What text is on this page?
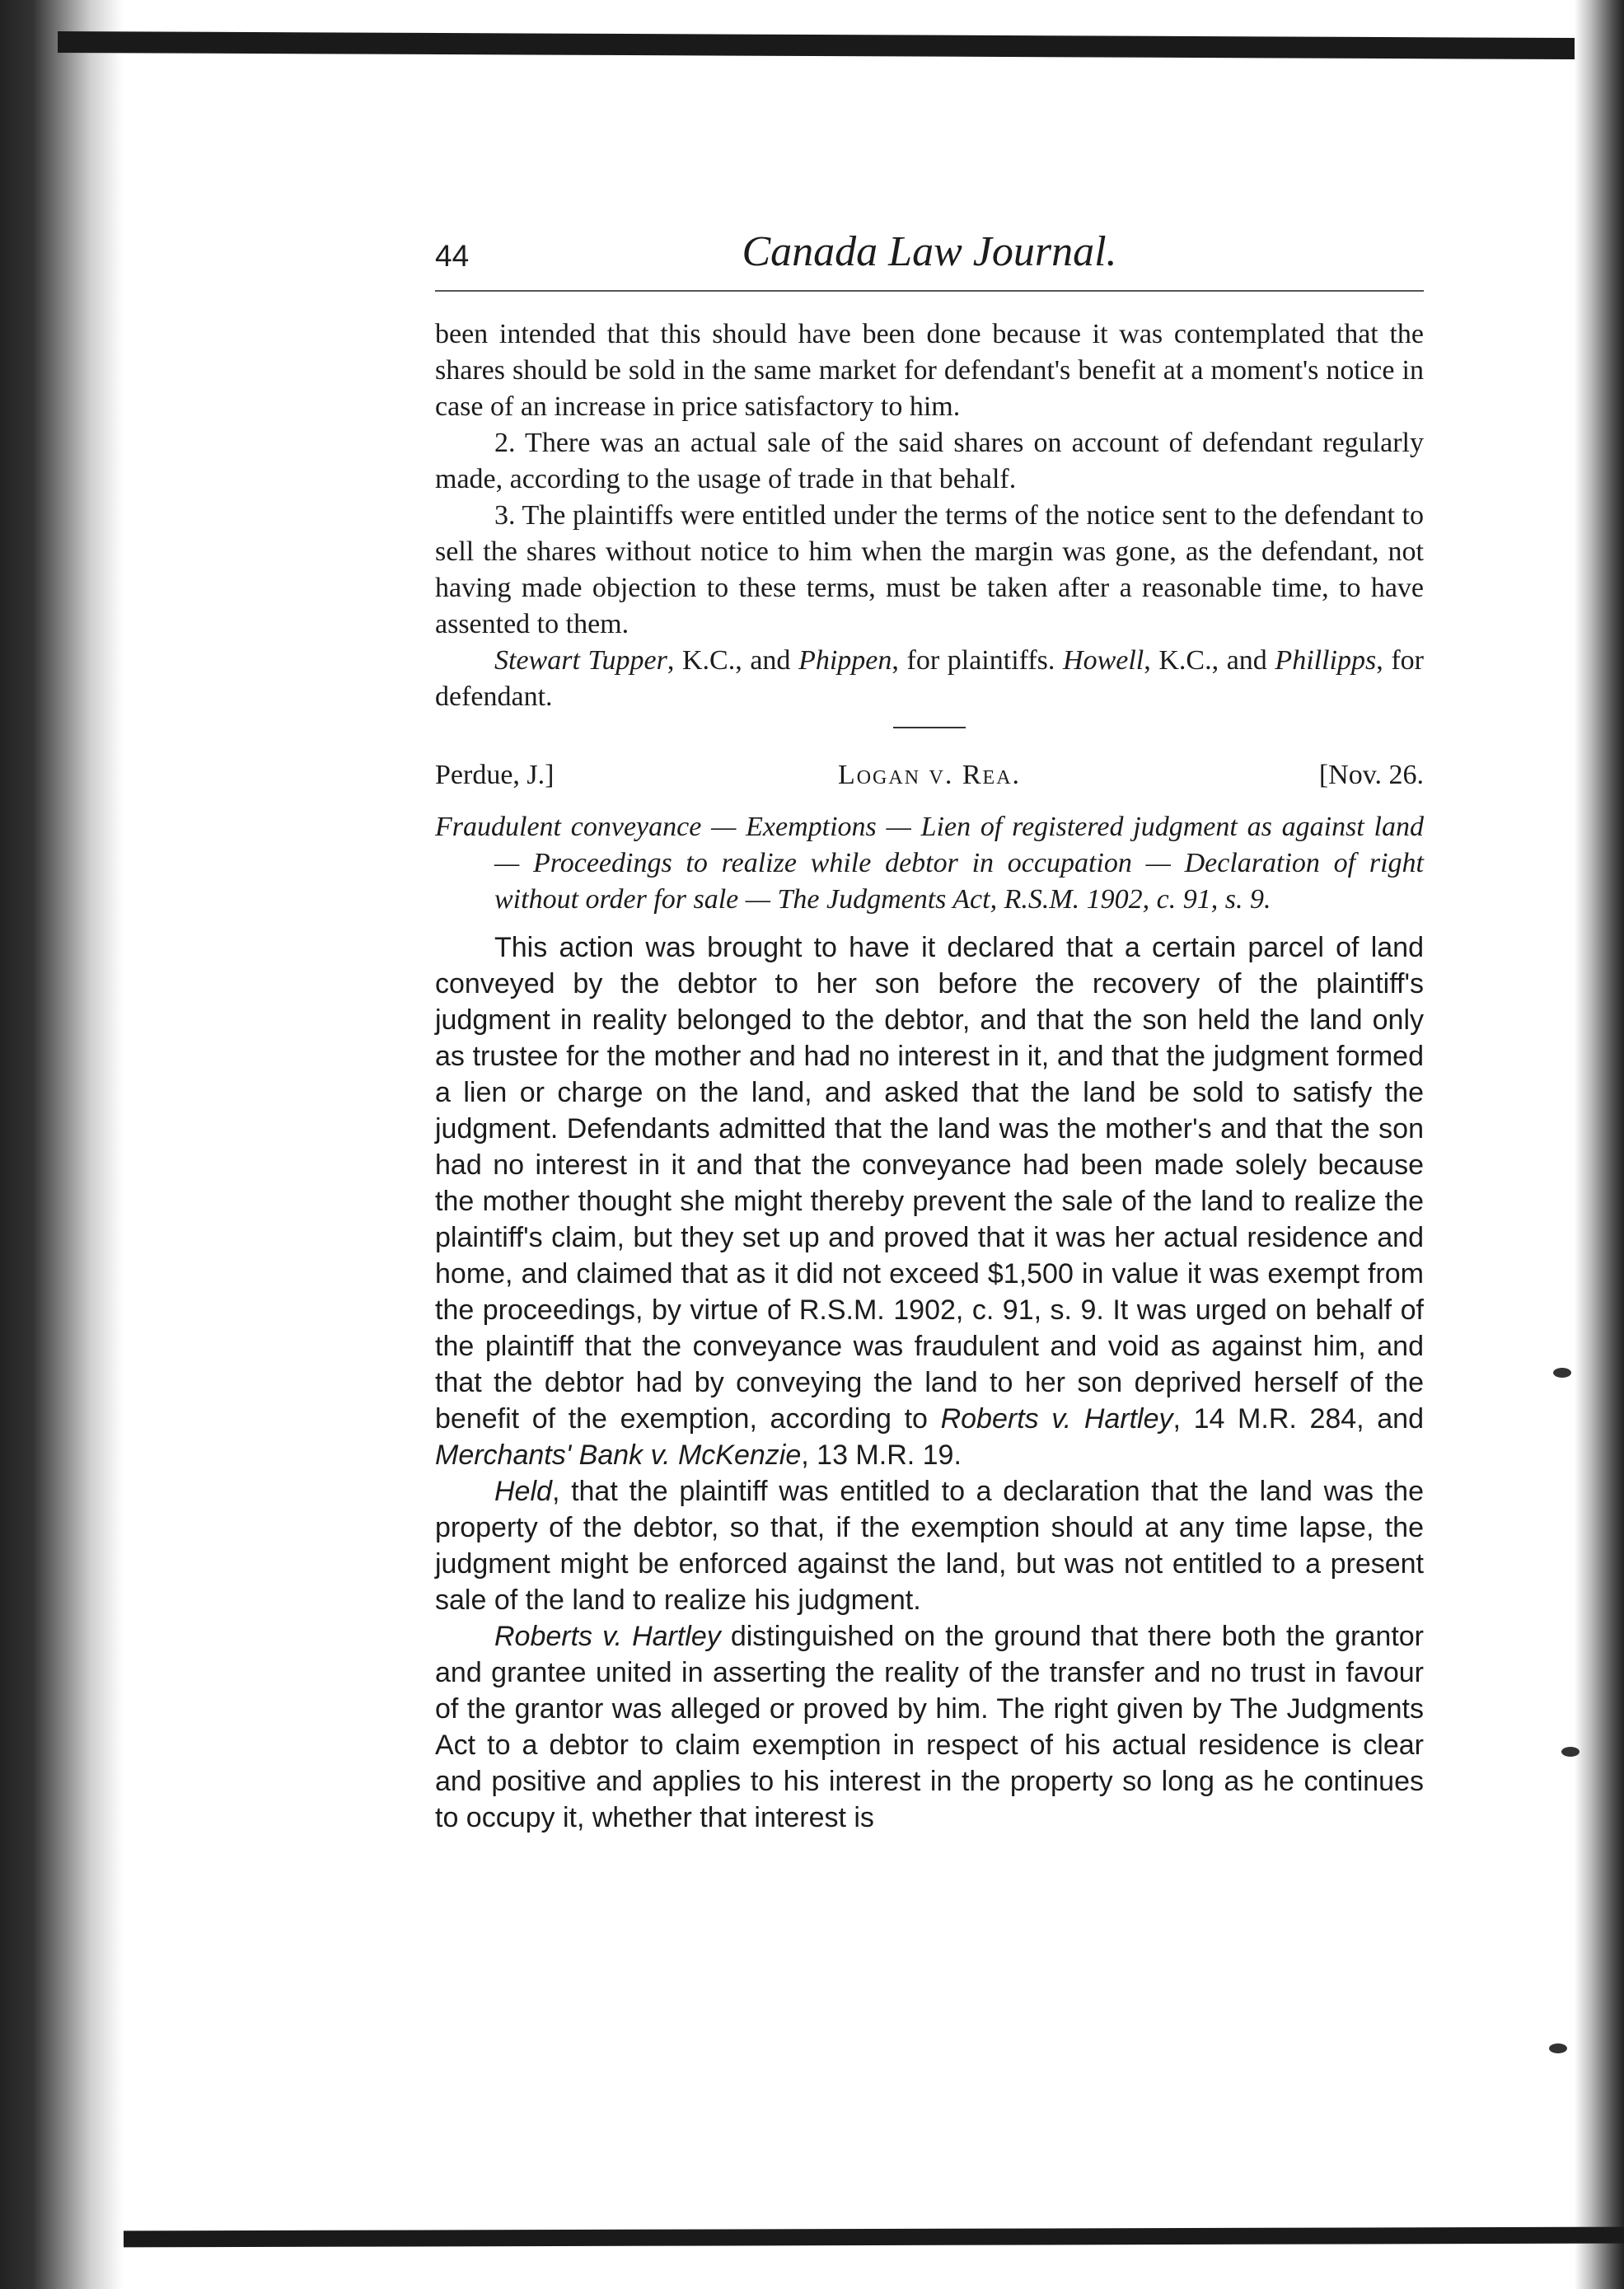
44	Canada Law Journal.

been intended that this should have been done because it was contemplated that the shares should be sold in the same market for defendant's benefit at a moment's notice in case of an increase in price satisfactory to him.

2. There was an actual sale of the said shares on account of defendant regularly made, according to the usage of trade in that behalf.

3. The plaintiffs were entitled under the terms of the notice sent to the defendant to sell the shares without notice to him when the margin was gone, as the defendant, not having made objection to these terms, must be taken after a reasonable time, to have assented to them.

Stewart Tupper, K.C., and Phippen, for plaintiffs. Howell, K.C., and Phillipps, for defendant.

Perdue, J.]	Logan v. Rea.	[Nov. 26.

Fraudulent conveyance — Exemptions — Lien of registered judgment as against land — Proceedings to realize while debtor in occupation — Declaration of right without order for sale — The Judgments Act, R.S.M. 1902, c. 91, s. 9.

This action was brought to have it declared that a certain parcel of land conveyed by the debtor to her son before the recovery of the plaintiff's judgment in reality belonged to the debtor, and that the son held the land only as trustee for the mother and had no interest in it, and that the judgment formed a lien or charge on the land, and asked that the land be sold to satisfy the judgment. Defendants admitted that the land was the mother's and that the son had no interest in it and that the conveyance had been made solely because the mother thought she might thereby prevent the sale of the land to realize the plaintiff's claim, but they set up and proved that it was her actual residence and home, and claimed that as it did not exceed $1,500 in value it was exempt from the proceedings, by virtue of R.S.M. 1902, c. 91, s. 9. It was urged on behalf of the plaintiff that the conveyance was fraudulent and void as against him, and that the debtor had by conveying the land to her son deprived herself of the benefit of the exemption, according to Roberts v. Hartley, 14 M.R. 284, and Merchants' Bank v. McKenzie, 13 M.R. 19.

Held, that the plaintiff was entitled to a declaration that the land was the property of the debtor, so that, if the exemption should at any time lapse, the judgment might be enforced against the land, but was not entitled to a present sale of the land to realize his judgment.

Roberts v. Hartley distinguished on the ground that there both the grantor and grantee united in asserting the reality of the transfer and no trust in favour of the grantor was alleged or proved by him. The right given by The Judgments Act to a debtor to claim exemption in respect of his actual residence is clear and positive and applies to his interest in the property so long as he continues to occupy it, whether that interest is
